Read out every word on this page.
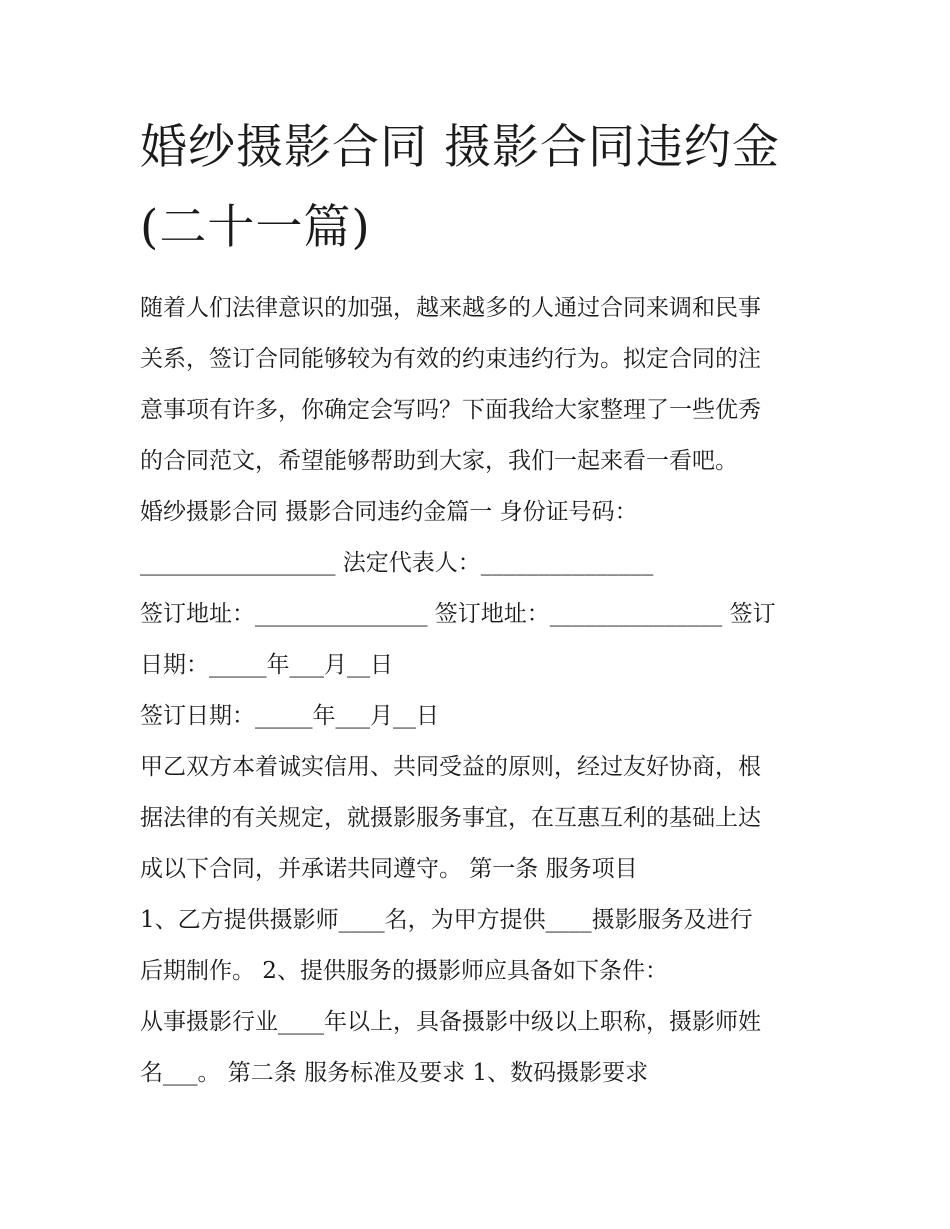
婚纱摄影合同 摄影合同违约金
(二十一篇)
随着人们法律意识的加强，越来越多的人通过合同来调和民事
关系，签订合同能够较为有效的约束违约行为。拟定合同的注
意事项有许多，你确定会写吗？下面我给大家整理了一些优秀
的合同范文，希望能够帮助到大家，我们一起来看一看吧。
婚纱摄影合同 摄影合同违约金篇一 身份证号码：
_________________ 法定代表人：_______________
签订地址：_______________ 签订地址：_______________ 签订
日期：_____年___月__日
签订日期：_____年___月__日
甲乙双方本着诚实信用、共同受益的原则，经过友好协商，根
据法律的有关规定，就摄影服务事宜，在互惠互利的基础上达
成以下合同，并承诺共同遵守。 第一条 服务项目
1、乙方提供摄影师____名，为甲方提供____摄影服务及进行
后期制作。 2、提供服务的摄影师应具备如下条件：
从事摄影行业____年以上，具备摄影中级以上职称，摄影师姓
名___。 第二条 服务标准及要求 1、数码摄影要求
